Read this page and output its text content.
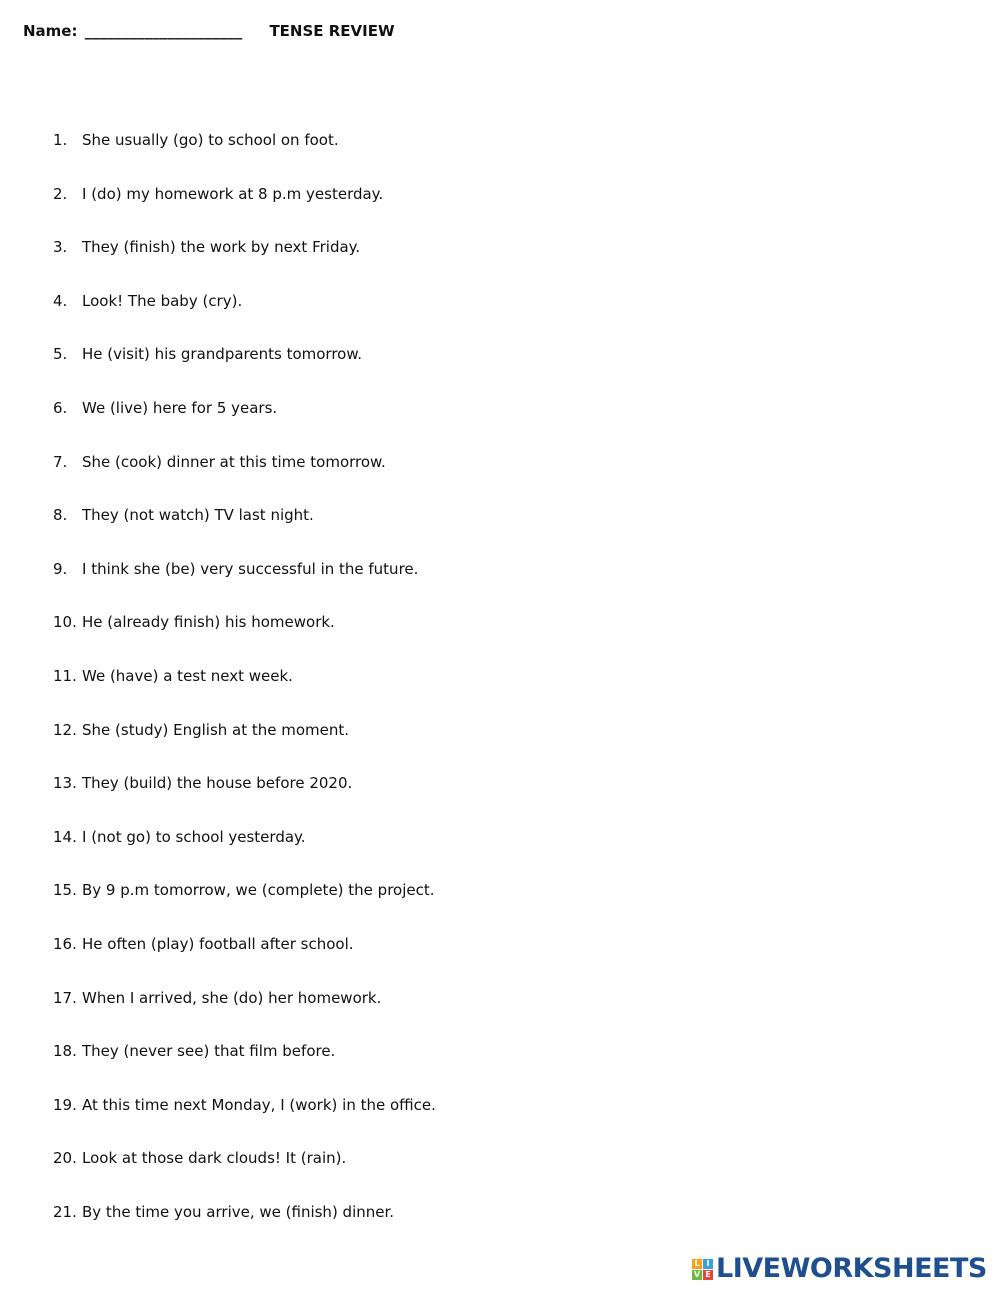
Name: _____________________ TENSE REVIEW
1. She usually (go) to school on foot.
2. I (do) my homework at 8 p.m yesterday.
3. They (finish) the work by next Friday.
4. Look! The baby (cry).
5. He (visit) his grandparents tomorrow.
6. We (live) here for 5 years.
7. She (cook) dinner at this time tomorrow.
8. They (not watch) TV last night.
9. I think she (be) very successful in the future.
10. He (already finish) his homework.
11. We (have) a test next week.
12. She (study) English at the moment.
13. They (build) the house before 2020.
14. I (not go) to school yesterday.
15. By 9 p.m tomorrow, we (complete) the project.
16. He often (play) football after school.
17. When I arrived, she (do) her homework.
18. They (never see) that film before.
19. At this time next Monday, I (work) in the office.
20. Look at those dark clouds! It (rain).
21. By the time you arrive, we (finish) dinner.
L I
V E LIVEWORKSHEETS
